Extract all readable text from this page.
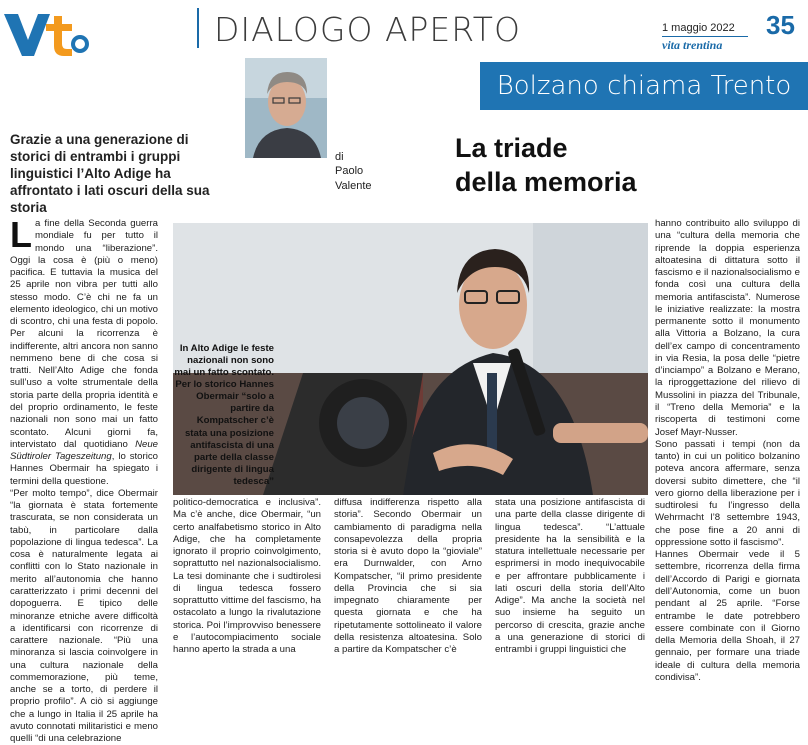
DIALOGO APERTO	1 maggio 2022
vita trentina
35
Bolzano chiama Trento
di
Paolo
Valente
Grazie a una generazione di storici di entrambi i gruppi linguistici l’Alto Adige ha affrontato i lati oscuri della sua storia
La triade
della memoria
L a fine della Seconda guerra mondiale fu per tutto il mondo una “liberazione”. Oggi la cosa è (più o meno) pacifica. E tuttavia la musica del 25 aprile non vibra per tutti allo stesso modo. C’è chi ne fa un elemento ideologico, chi un motivo di scontro, chi una festa di popolo. Per alcuni la ricorrenza è indifferente, altri ancora non sanno nemmeno bene di che cosa si tratti. Nell’Alto Adige che fonda sull’uso a volte strumentale della storia parte della propria identità e del proprio ordinamento, le feste nazionali non sono mai un fatto scontato. Alcuni giorni fa, intervistato dal quotidiano Neue Südtiroler Tageszeitung, lo storico Hannes Obermair ha spiegato i termini della questione.
“Per molto tempo”, dice Obermair “la giornata è stata fortemente trascurata, se non considerata un tabù, in particolare dalla popolazione di lingua tedesca”. La cosa è naturalmente legata ai conflitti con lo Stato nazionale in merito all’autonomia che hanno caratterizzato i primi decenni del dopoguerra. E tipico delle minoranze etniche avere difficoltà a identificarsi con ricorrenze di carattere nazionale. “Più una minoranza si lascia coinvolgere in una cultura nazionale della commemorazione, più teme, anche se a torto, di perdere il proprio profilo”. A ciò si aggiunge che a lungo in Italia il 25 aprile ha avuto connotati militaristici e meno quelli “di una celebrazione
In Alto Adige le feste nazionali non sono mai un fatto scontato. Per lo storico Hannes Obermair “solo a partire da Kompatscher c’è stata una posizione antifascista di una parte della classe dirigente di lingua tedesca”
politico-democratica e inclusiva”. Ma c’è anche, dice Obermair, “un certo analfabetismo storico in Alto Adige, che ha completamente ignorato il proprio coinvolgimento, soprattutto nel nazionalsocialismo. La tesi dominante che i sudtirolesi di lingua tedesca fossero soprattutto vittime del fascismo, ha ostacolato a lungo la rivalutazione storica. Poi l’improvviso benessere e l’autocompiacimento sociale hanno aperto la strada a una
diffusa indifferenza rispetto alla storia”. Secondo Obermair un cambiamento di paradigma nella consapevolezza della propria storia si è avuto dopo la “gioviale” era Durnwalder, con Arno Kompatscher, “il primo presidente della Provincia che si sia impegnato chiaramente per questa giornata e che ha ripetutamente sottolineato il valore della resistenza altoatesina. Solo a partire da Kompatscher c’è
stata una posizione antifascista di una parte della classe dirigente di lingua tedesca”. “L’attuale presidente ha la sensibilità e la statura intellettuale necessarie per esprimersi in modo inequivocabile e per affrontare pubblicamente i lati oscuri della storia dell’Alto Adige”. Ma anche la società nel suo insieme ha seguito un percorso di crescita, grazie anche a una generazione di storici di entrambi i gruppi linguistici che
hanno contribuito allo sviluppo di una “cultura della memoria che riprende la doppia esperienza altoatesina di dittatura sotto il fascismo e il nazionalsocialismo e fonda così una cultura della memoria antifascista”. Numerose le iniziative realizzate: la mostra permanente sotto il monumento alla Vittoria a Bolzano, la cura dell’ex campo di concentramento in via Resia, la posa delle “pietre d’inciampo” a Bolzano e Merano, la riproggettazione del rilievo di Mussolini in piazza del Tribunale, il “Treno della Memoria” e la riscoperta di testimoni come Josef Mayr-Nusser.
Sono passati i tempi (non da tanto) in cui un politico bolzanino poteva ancora affermare, senza doversi subito dimettere, che “il vero giorno della liberazione per i sudtirolesi fu l’ingresso della Wehrmacht l’8 settembre 1943, che pose fine a 20 anni di oppressione sotto il fascismo”.
Hannes Obermair vede il 5 settembre, ricorrenza della firma dell’Accordo di Parigi e giornata dell’Autonomia, come un buon pendant al 25 aprile. “Forse entrambe le date potrebbero essere combinate con il Giorno della Memoria della Shoah, il 27 gennaio, per formare una triade ideale di cultura della memoria condivisa”.
